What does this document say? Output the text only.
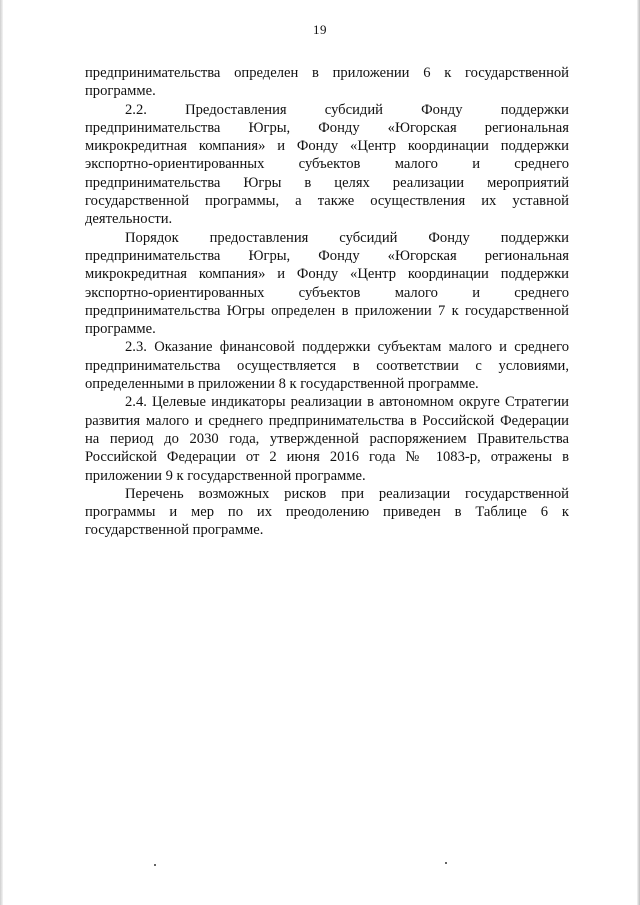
19

предпринимательства определен в приложении 6 к государственной программе.

2.2. Предоставления субсидий Фонду поддержки предпринимательства Югры, Фонду «Югорская региональная микрокредитная компания» и Фонду «Центр координации поддержки экспортно-ориентированных субъектов малого и среднего предпринимательства Югры в целях реализации мероприятий государственной программы, а также осуществления их уставной деятельности.

Порядок предоставления субсидий Фонду поддержки предпринимательства Югры, Фонду «Югорская региональная микрокредитная компания» и Фонду «Центр координации поддержки экспортно-ориентированных субъектов малого и среднего предпринимательства Югры определен в приложении 7 к государственной программе.

2.3. Оказание финансовой поддержки субъектам малого и среднего предпринимательства осуществляется в соответствии с условиями, определенными в приложении 8 к государственной программе.

2.4. Целевые индикаторы реализации в автономном округе Стратегии развития малого и среднего предпринимательства в Российской Федерации на период до 2030 года, утвержденной распоряжением Правительства Российской Федерации от 2 июня 2016 года № 1083-р, отражены в приложении 9 к государственной программе.

Перечень возможных рисков при реализации государственной программы и мер по их преодолению приведен в Таблице 6 к государственной программе.
